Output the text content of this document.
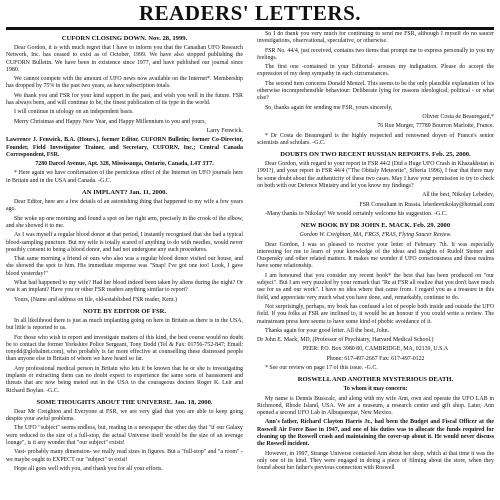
READERS' LETTERS.
CUFORN CLOSING DOWN. Nov. 28, 1999.

Dear Gordon, it is with much regret that I have to inform you that the Canadian UFO Research Network, Inc. has ceased to exist as of October, 1999. We have also stopped publishing the CUFORN Bulletin. We have been in existence since 1977, and have published our journal since 1980.

We cannot compete with the amount of UFO news now available on the Internet*. Membership has dropped by 75% in the past two years, as have subscription totals.

We thank you and FSR for your kind support in the past, and wish you well in the future. FSR has always been, and will continue to be, the finest publication of its type in the world.

I will continue in ufology on an independent basis.

Merry Christmas and Happy New Year, and Happy Millennium to you and yours,

Larry Fenwick.

Lawrence J. Fenwick, B.A. (Hours.), former Editor, CUFORN Bulletin; former Co-Director, Founder, Field Investigator Trainer, and Secretary, CUFORN, Inc.; Central Canada Correspondent, FSR.

7280 Darcel Avenue, Apt. 328, Mississauga, Ontario, Canada, L4T 3T7.

* Here again we have confirmation of the pernicious effect of the Internet on UFO journals here in Britain and in the USA and Canada. -G.C.

AN IMPLANT? Jan. 11, 2000.

Dear Editor, here are a few details of an astonishing thing that happened to my wife a few years ago.

She woke up one morning and found a spot on her right arm, precisely in the crook of the elbow, and she showed it to me.

As I was myself a regular blood donor at that period, I instantly recognised that she had a typical blood-sampling puncture. But my wife is totally scared of anything to do with needles, would never possibly consent to being a blood donor, and had not undergone any such procedures.

That same morning a friend of ours who also was a regular blood donor visited our house, and she showed the spot to him. His immediate response was "Snap! I've got one too! Look, I gave blood yesterday!"

What had happened to my wife? Had her blood indeed been taken by aliens during the night? Or was it an implant? Have you or other FSR readers anything similar to report?

Yours, (Name and address on file, old-established FSR reader, Kent.)

NOTE BY EDITOR OF FSR.

In all likelihood there is just as much implanting going on here in Britain as there is in the USA, but little is reported to us.

For those who wish to report and investigate matters of this kind, the best course would no doubt be to contact the former Yorkshire Police Sergeant, Tony Dodd (Tel & Fax: 01756-752-847; Email: tonydd@globalnet.com), who probably is far more effective at counselling these distressed people than anyone else in Britain of whom we have heard so far.

Any professional medical person in Britain who lets it be known that he or she is investigating implants or extracting them can no doubt expect to experience the same sorts of harassment and threats that are now being meted out in the USA to the courageous doctors Roger K. Leir and Richard Boylan. -G.C.

SOME THOUGHTS ABOUT THE UNIVERSE. Jan. 18, 2000.

Dear Mr Creighton and Everyone at FSR, we are very glad that you are able to keep going despite your awful problems.

The UFO "subject" seems endless, but, reading in a newspaper the other day that "if our Galaxy were reduced to the size of a full-stop, the actual Universe itself would be the size of an average lounge", is it any wonder that "our subject" exists!

Vast- probably many dimension- we really read sizes in figures. But a "full-stop" and "a room" - we maybe ought to EXPECT our "subject" to exist!

Hope all goes well with you, and thank you for all your efforts.

So I do thank you very much for continuing to send me FSR, although I myself do no saucer investigations, observational, speculative, or otherwise.

FSR No. 44/4, just received, contains two items that prompt me to express personally to you my feelings.

The first one -contained in your Editorial- arouses my indignation. Please do accept the expression of my deep sympathy in such circumstances.

The second item concerns Donald Menzel. This seems to be the only plausible explanation of his otherwise incomprehensible behaviour: Deliberate lying for reasons ideological, political - or what else?

So, thanks again for sending me FSR, yours sincerely,

Olivier Costa de Beauregard,*

76 Rue Murger, 77780 Bourron Marlotte, France.

* Dr Costa de Beauregard is the highly respected and renowned doyen of France's senior scientists and scholars. -G.C.

DOUBTS ON TWO RECENT RUSSIAN REPORTS. Feb. 25, 2000.

Dear Gordon, with regard to your report in FSR 44/2 (Did a Huge UFO Crash in Khazakhstan in 1991?), and your report in FSR 44/4 ("The Obitaly Meteorite", Siberia 1996), I fear that there may be some doubt about the authenticity of these two cases. May I have your permission to try to check on both with our Defence Ministry and let you know my findings?

All the best, Nikolay Lebedev,

FSR Consultant in Russia. lebedevnikolay@hotmail.com

-Many thanks to Nikolay! We would certainly welcome his suggestion. -G.C.

NEW BOOK BY DR JOHN E. MACK. Feb. 29. 2000

Gordon W. Creighton, MA, FRGS, FRAS, Flying Saucer Review.

Dear Gordon, I was so pleased to receive your letter of February 7th. It was especially interesting for me to learn of your knowledge of the ideas and insights of Rudolf Steiner and Ouspensky and other related matters. It makes me wonder if UFO consciousness and these realms have some relationship.

I am honoured that you consider my recent book* the best that has been produced on "our subject". But I am very puzzled by your remark that "Re at FSR all realize that you don't have much use for us and our work". I have no idea where that came from. I regard you as a treasure in this field, and appreciate very much what you have done, and, remarkably, continue to do.

Not surprisingly, perhaps, my book has confused a lot of people both inside and outside the UFO field. If you folks at FSR are inclined to, it would be an honour if you could write a review. The mainstream press here seems to have some kind of phobic avoidance of it.

Thanks again for your good letter. All the best, John.

Dr John E. Mack, MD, (Professor of Psychiatry, Harvard Medical School.)

PEER: P.O. Box 3980 80, CAMBRIDGE, MA, 02139, U.S.A

Phone: 617-497-2667 Fax: 617-497-0122

* See our review on page 17 of this issue. -G.C.

ROSWELL AND ANOTHER MYSTERIOUS DEATH.

To whom it may concern:

My name is Dennis Busscalc, and along with my wife Ann, own and operate the UFO LAB in Richmond, Rhode Island, USA. We are a museum, a research center and gift shop. Later, Ann opened a second UFO Lab in Albuquerque, New Mexico.

Ann's father, Richard Clayton Harris Jr., had been the Budget and Fiscal Officer at the Roswell Air Force Base in 1947, and one of his duties was to allocate the funds required for cleaning up the Roswell crash and maintaining the cover-up about it. He would never discuss the Roswell incident.

However, in 1997, Strange Universe contacted Ann about her shop, which at that time it was the only one of its kind. They were engaged in doing a piece of filming about the store, when they found about her father's previous connection with Roswell
